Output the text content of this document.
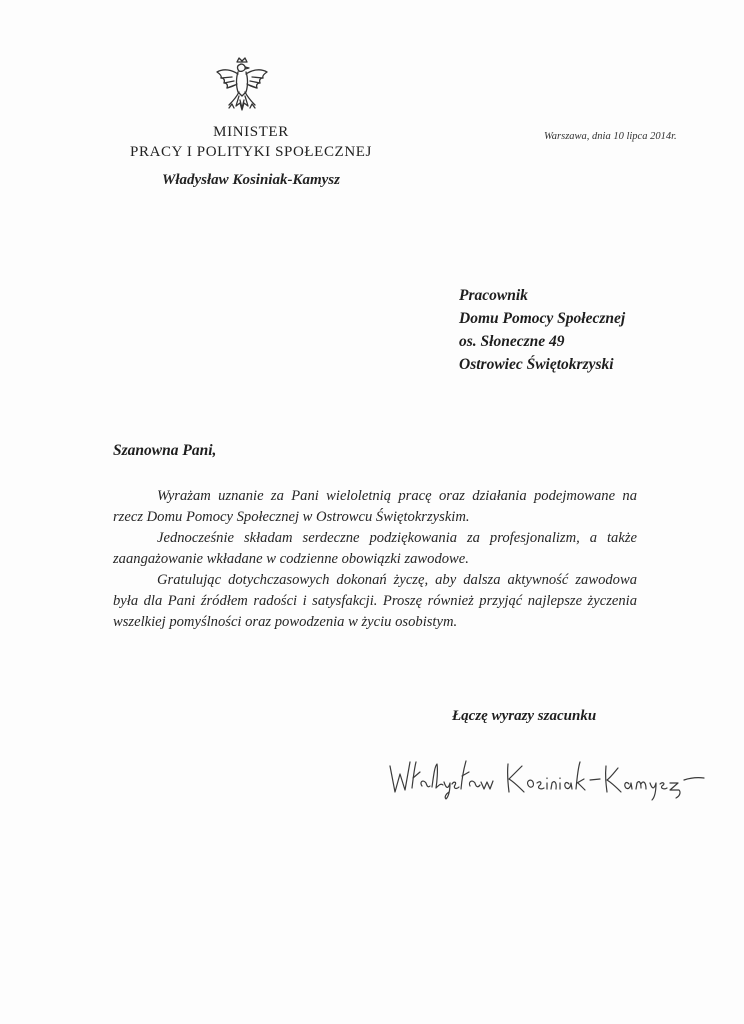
MINISTER
PRACY I POLITYKI SPOŁECZNEJ
Władysław Kosiniak-Kamysz
Warszawa, dnia 10 lipca 2014r.
Pracownik
Domu Pomocy Społecznej
os. Słoneczne 49
Ostrowiec Świętokrzyski
Szanowna Pani,

Wyrażam uznanie za Pani wieloletnią pracę oraz działania podejmowane na rzecz Domu Pomocy Społecznej w Ostrowcu Świętokrzyskim.

Jednocześnie składam serdeczne podziękowania za profesjonalizm, a także zaangażowanie wkładane w codzienne obowiązki zawodowe.

Gratulując dotychczasowych dokonań życzę, aby dalsza aktywność zawodowa była dla Pani źródłem radości i satysfakcji. Proszę również przyjąć najlepsze życzenia wszelkiej pomyślności oraz powodzenia w życiu osobistym.

Łączę wyrazy szacunku
